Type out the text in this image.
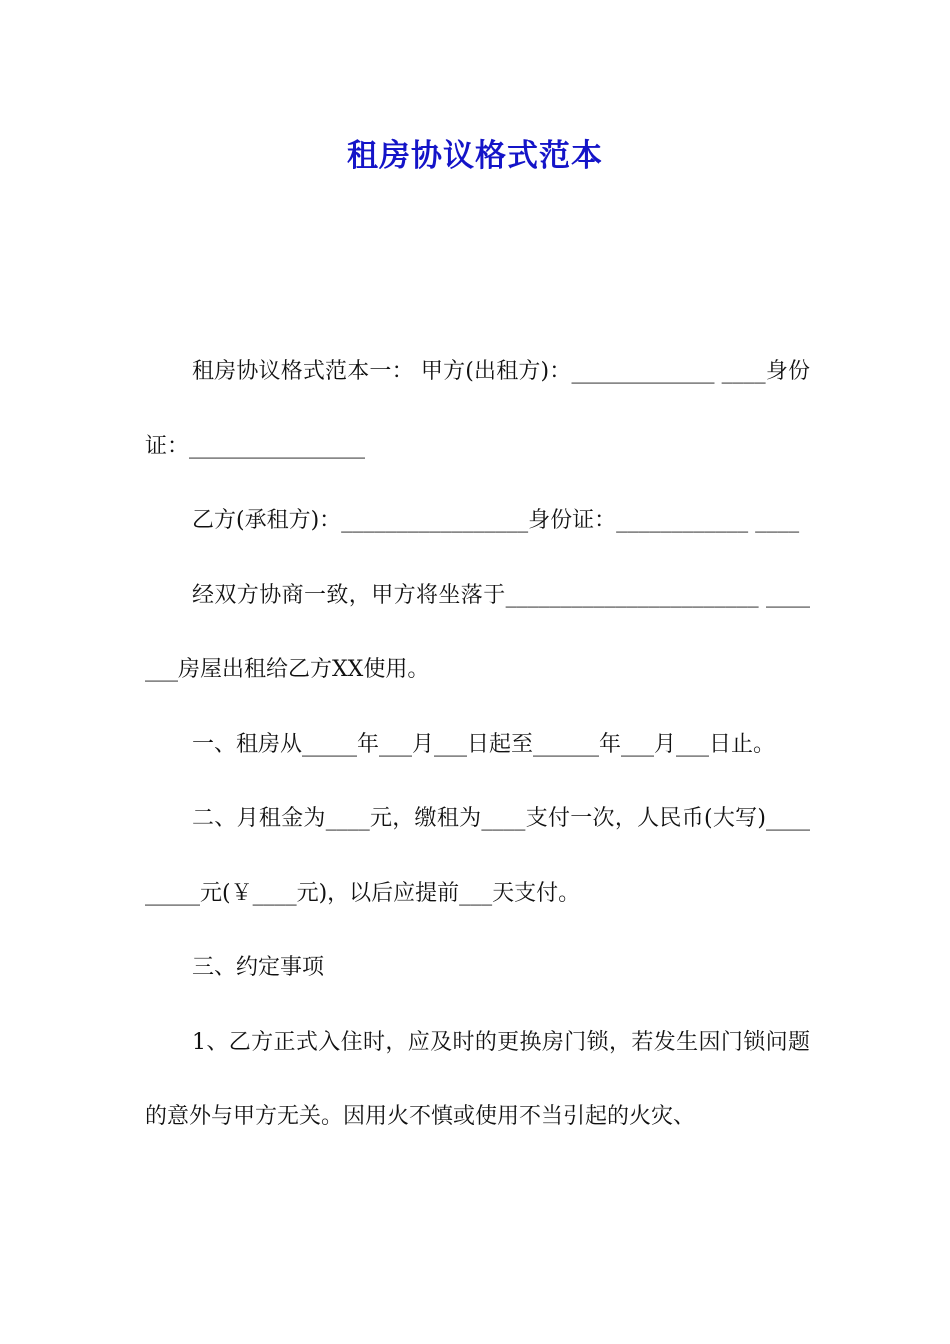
租房协议格式范本

租房协议格式范本一： 甲方(出租方)：_____________ ____身份证：________________

乙方(承租方)：_________________身份证：____________ ____

经双方协商一致，甲方将坐落于_______________________ _______房屋出租给乙方XX使用。

一、租房从_____年___月___日起至______年___月___日止。

二、月租金为____元，缴租为____支付一次，人民币(大写)_________元(￥____元)，以后应提前___天支付。

三、约定事项

1、乙方正式入住时，应及时的更换房门锁，若发生因门锁问题的意外与甲方无关。因用火不慎或使用不当引起的火灾、
